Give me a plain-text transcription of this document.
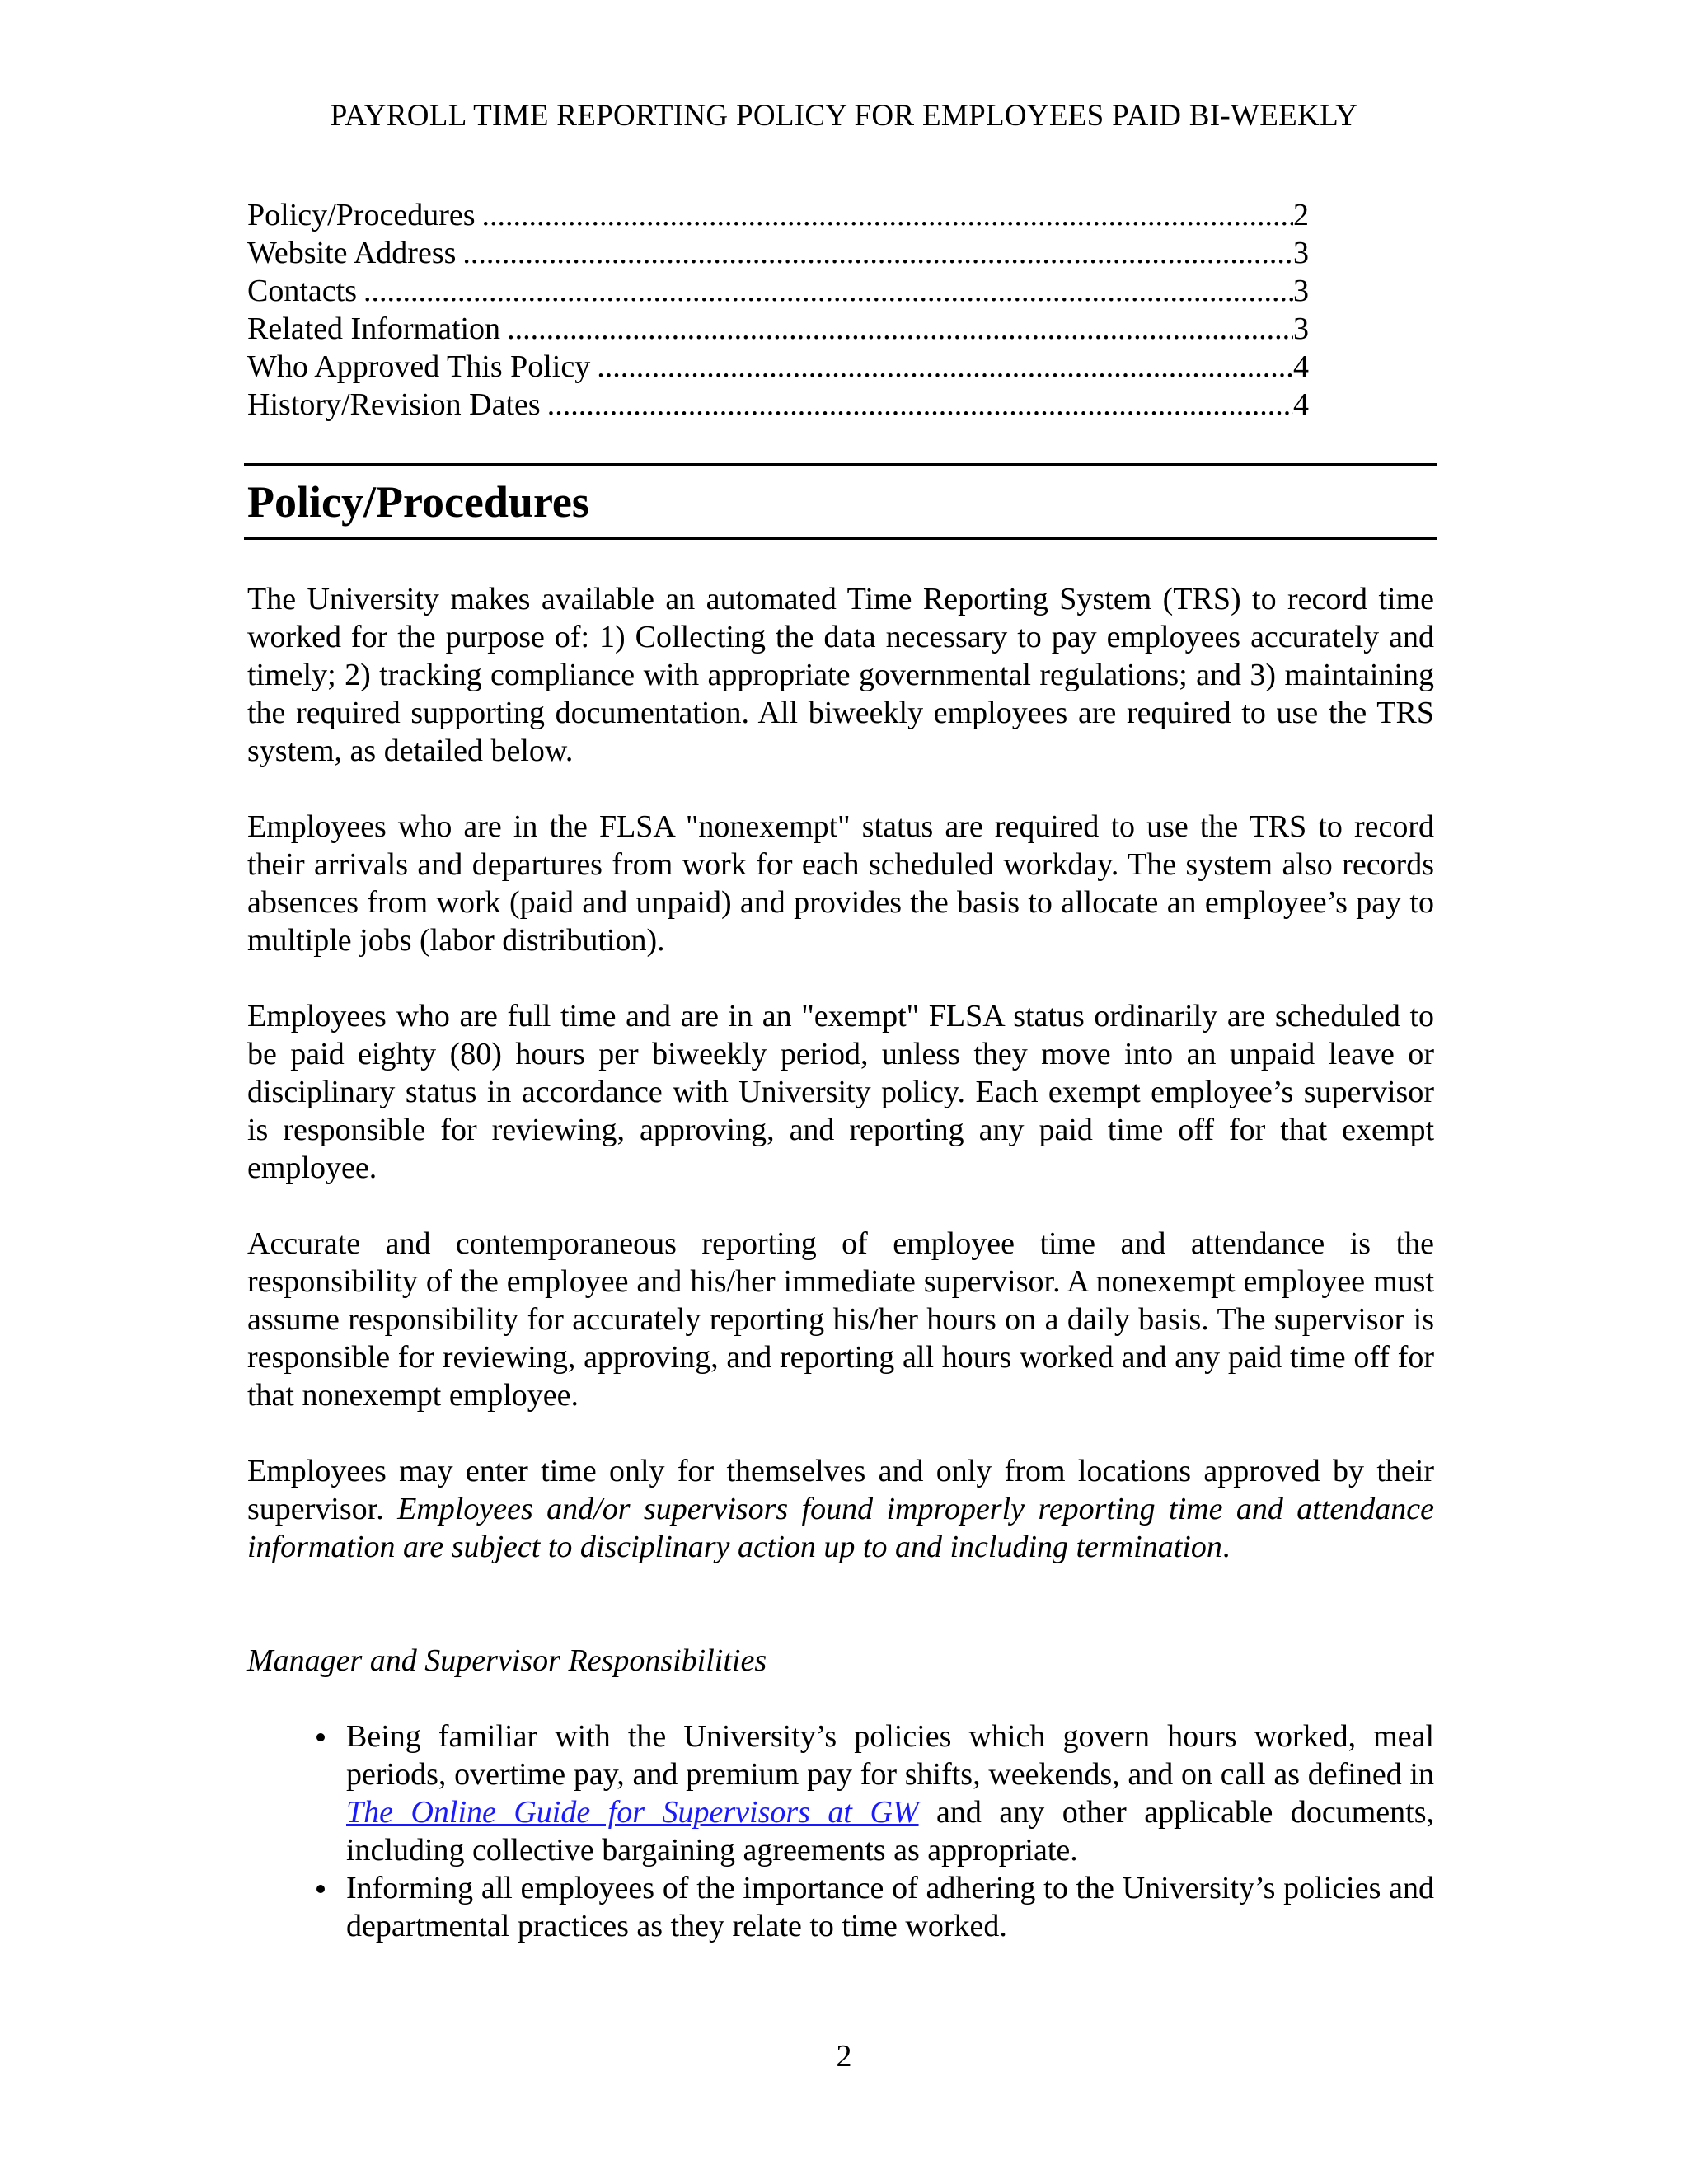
PAYROLL TIME REPORTING POLICY FOR EMPLOYEES PAID BI-WEEKLY
Policy/Procedures .....	2
Website Address .....	3
Contacts .....	3
Related Information .....	3
Who Approved This Policy .....	4
History/Revision Dates .....	4
Policy/Procedures

The University makes available an automated Time Reporting System (TRS) to record time worked for the purpose of: 1) Collecting the data necessary to pay employees accurately and timely; 2) tracking compliance with appropriate governmental regulations; and 3) maintaining the required supporting documentation. All biweekly employees are required to use the TRS system, as detailed below.

Employees who are in the FLSA "nonexempt" status are required to use the TRS to record their arrivals and departures from work for each scheduled workday. The system also records absences from work (paid and unpaid) and provides the basis to allocate an employee’s pay to multiple jobs (labor distribution).

Employees who are full time and are in an "exempt" FLSA status ordinarily are scheduled to be paid eighty (80) hours per biweekly period, unless they move into an unpaid leave or disciplinary status in accordance with University policy. Each exempt employee’s supervisor is responsible for reviewing, approving, and reporting any paid time off for that exempt employee.

Accurate and contemporaneous reporting of employee time and attendance is the responsibility of the employee and his/her immediate supervisor. A nonexempt employee must assume responsibility for accurately reporting his/her hours on a daily basis. The supervisor is responsible for reviewing, approving, and reporting all hours worked and any paid time off for that nonexempt employee.

Employees may enter time only for themselves and only from locations approved by their supervisor. Employees and/or supervisors found improperly reporting time and attendance information are subject to disciplinary action up to and including termination.

Manager and Supervisor Responsibilities
Being familiar with the University’s policies which govern hours worked, meal periods, overtime pay, and premium pay for shifts, weekends, and on call as defined in The Online Guide for Supervisors at GW and any other applicable documents, including collective bargaining agreements as appropriate.
Informing all employees of the importance of adhering to the University’s policies and departmental practices as they relate to time worked.
2
